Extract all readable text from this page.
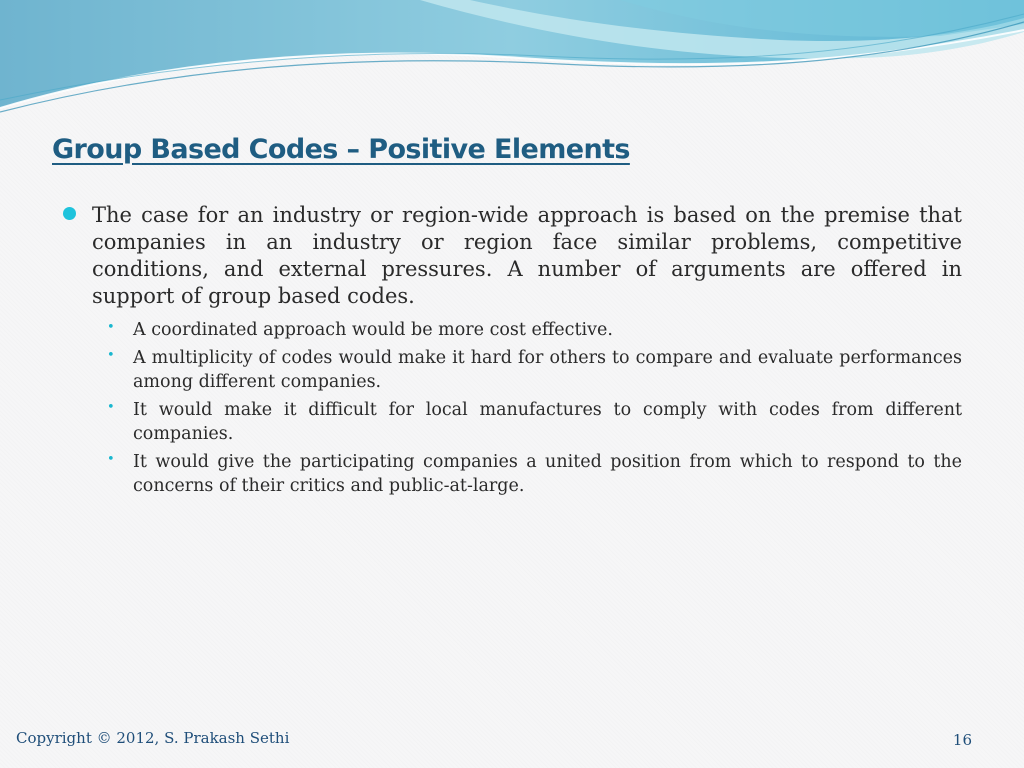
Group Based Codes – Positive Elements

The case for an industry or region-wide approach is based on the premise that companies in an industry or region face similar problems, competitive conditions, and external pressures. A number of arguments are offered in support of group based codes.

• A coordinated approach would be more cost effective.
• A multiplicity of codes would make it hard for others to compare and evaluate performances among different companies.
• It would make it difficult for local manufactures to comply with codes from different companies.
• It would give the participating companies a united position from which to respond to the concerns of their critics and public-at-large.
Copyright © 2012, S. Prakash Sethi	16
